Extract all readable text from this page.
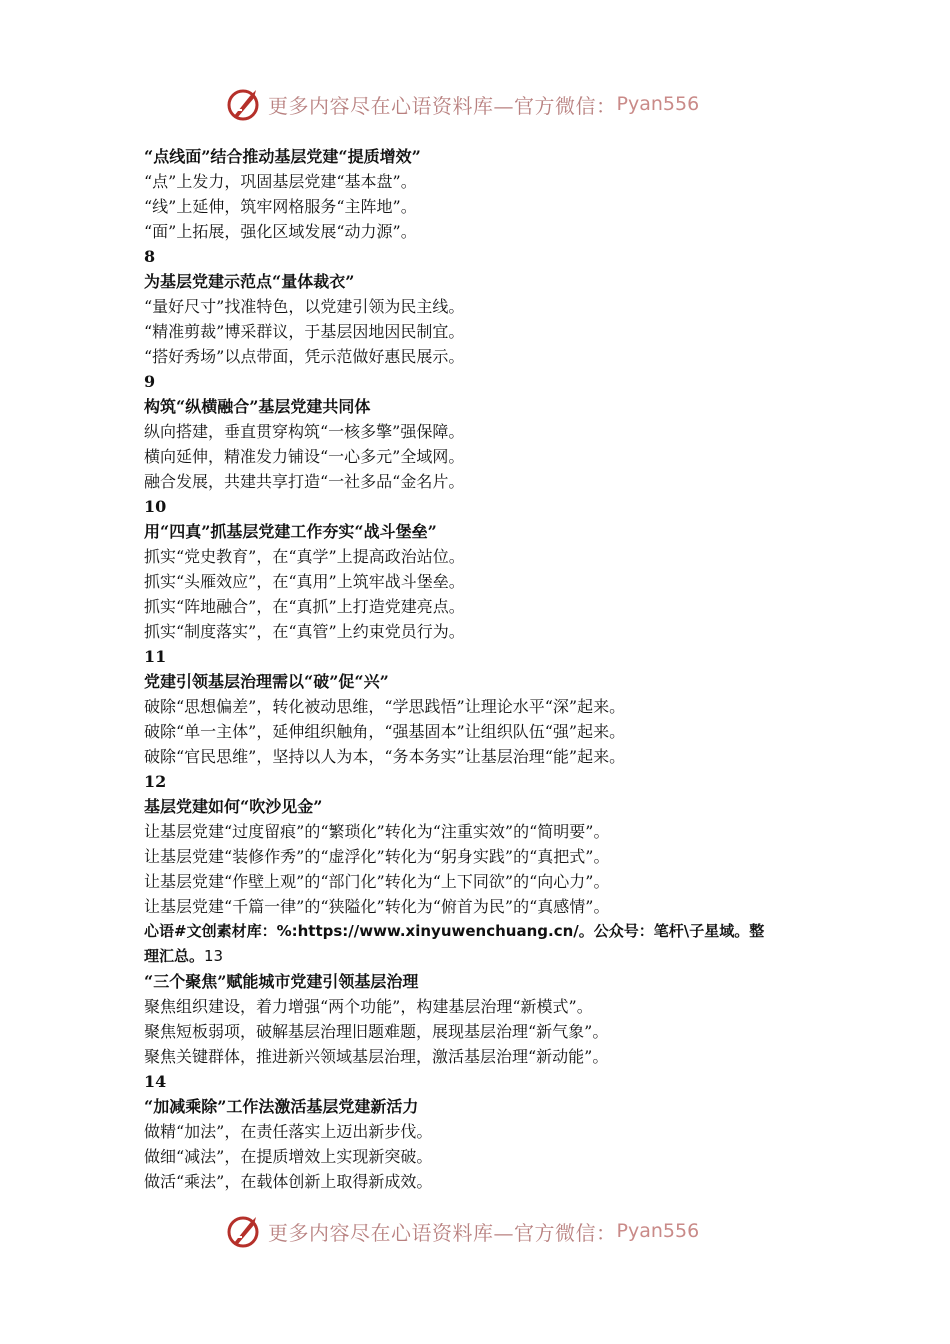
更多内容尽在心语资料库—官方微信： Pyan556
“点线面”结合推动基层党建“提质增效”
“点”上发力，巩固基层党建“基本盘”。
“线”上延伸，筑牢网格服务“主阵地”。
“面”上拓展，强化区域发展“动力源”。
8
为基层党建示范点“量体裁衣”
“量好尺寸”找准特色，以党建引领为民主线。
“精准剪裁”博采群议，于基层因地因民制宜。
“搭好秀场”以点带面，凭示范做好惠民展示。
9
构筑“纵横融合”基层党建共同体
纵向搭建，垂直贯穿构筑“一核多擎”强保障。
横向延伸，精准发力铺设“一心多元”全域网。
融合发展，共建共享打造“一社多品“金名片。
10
用“四真”抓基层党建工作夯实“战斗堡垒”
抓实“党史教育”，在“真学”上提高政治站位。
抓实“头雁效应”，在“真用”上筑牢战斗堡垒。
抓实“阵地融合”，在“真抓”上打造党建亮点。
抓实“制度落实”，在“真管”上约束党员行为。
11
党建引领基层治理需以“破”促“兴”
破除“思想偏差”，转化被动思维，“学思践悟”让理论水平“深”起来。
破除“单一主体”，延伸组织触角，“强基固本”让组织队伍“强”起来。
破除“官民思维”，坚持以人为本，“务本务实”让基层治理“能”起来。
12
基层党建如何“吹沙见金”
让基层党建“过度留痕”的“繁琐化”转化为“注重实效”的“简明要”。
让基层党建“装修作秀”的“虚浮化”转化为“躬身实践”的“真把式”。
让基层党建“作壁上观”的“部门化”转化为“上下同欲”的“向心力”。
让基层党建“千篇一律”的“狭隘化”转化为“俯首为民”的“真感情”。
心语#文创素材库：%:https://www.xinyuwenchuang.cn/。公众号：笔杆\子星域。整
理汇总。13
“三个聚焦”赋能城市党建引领基层治理
聚焦组织建设，着力增强“两个功能”，构建基层治理“新模式”。
聚焦短板弱项，破解基层治理旧题难题，展现基层治理“新气象”。
聚焦关键群体，推进新兴领域基层治理，激活基层治理“新动能”。
14
“加减乘除”工作法激活基层党建新活力
做精“加法”，在责任落实上迈出新步伐。
做细“减法”，在提质增效上实现新突破。
做活“乘法”，在载体创新上取得新成效。
更多内容尽在心语资料库—官方微信： Pyan556
